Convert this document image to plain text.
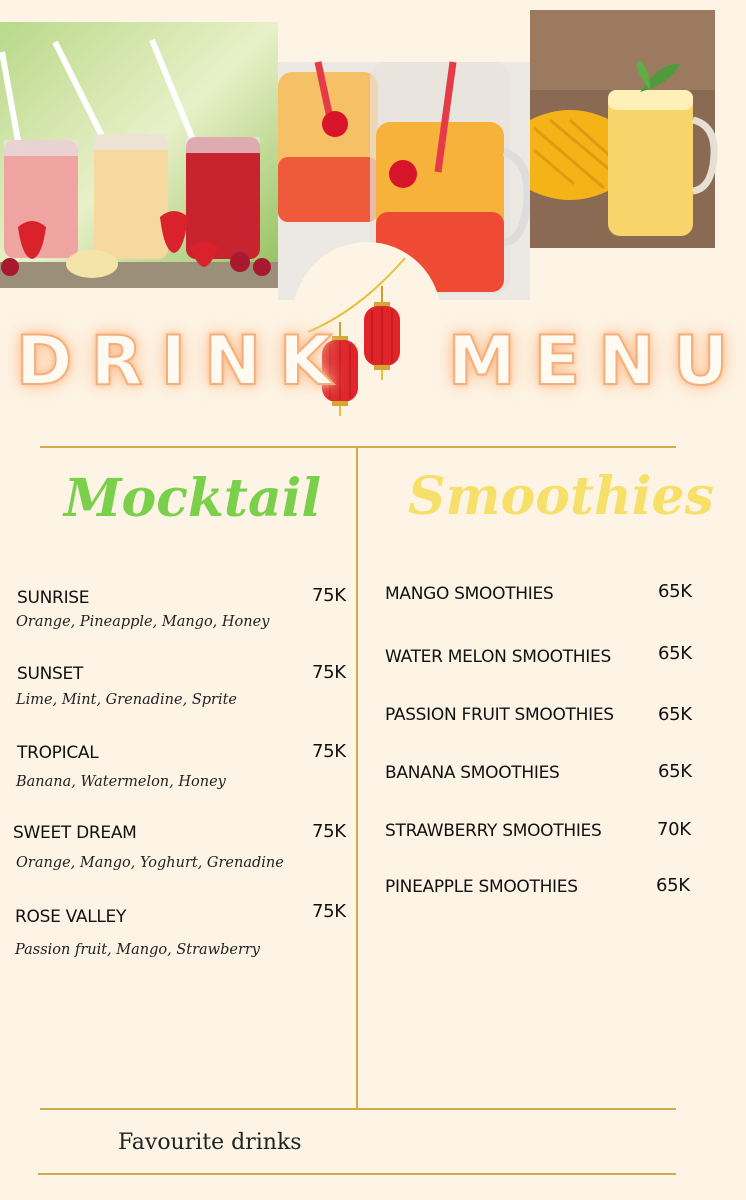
DRINK MENU
Mocktail Smoothies
SUNRISE	75K
Orange, Pineapple, Mango, Honey
SUNSET	75K
Lime, Mint, Grenadine, Sprite
TROPICAL	75K
Banana, Watermelon, Honey
SWEET DREAM	75K
Orange, Mango, Yoghurt, Grenadine
ROSE VALLEY	75K
Passion fruit, Mango, Strawberry
MANGO SMOOTHIES	65K
WATER MELON SMOOTHIES	65K
PASSION FRUIT SMOOTHIES 65K
BANANA SMOOTHIES	65K
STRAWBERRY SMOOTHIES	70K
PINEAPPLE SMOOTHIES	65K
Favourite drinks
